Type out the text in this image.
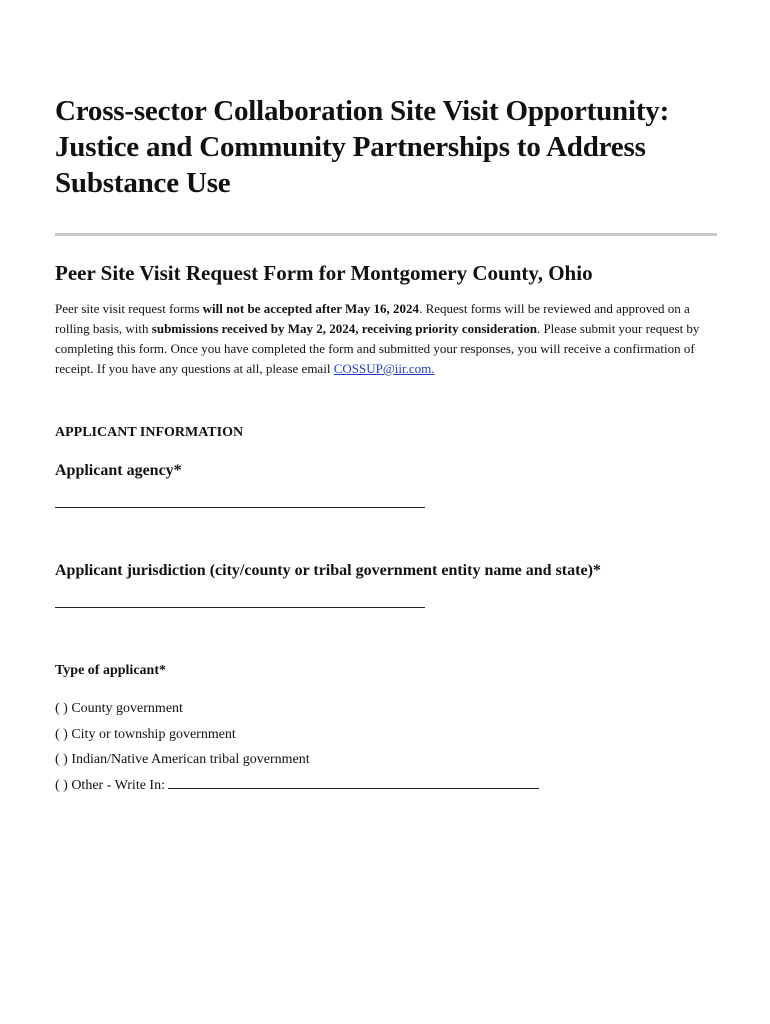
Cross-sector Collaboration Site Visit Opportunity:
Justice and Community Partnerships to Address
Substance Use
Peer Site Visit Request Form for Montgomery County, Ohio

Peer site visit request forms will not be accepted after May 16, 2024. Request forms will be reviewed and approved on a rolling basis, with submissions received by May 2, 2024, receiving priority consideration. Please submit your request by completing this form. Once you have completed the form and submitted your responses, you will receive a confirmation of receipt. If you have any questions at all, please email COSSUP@iir.com.

APPLICANT INFORMATION
Applicant agency*
Applicant jurisdiction (city/county or tribal government entity name and state)*
Type of applicant*
( ) County government
( ) City or township government
( ) Indian/Native American tribal government
( ) Other - Write In:
